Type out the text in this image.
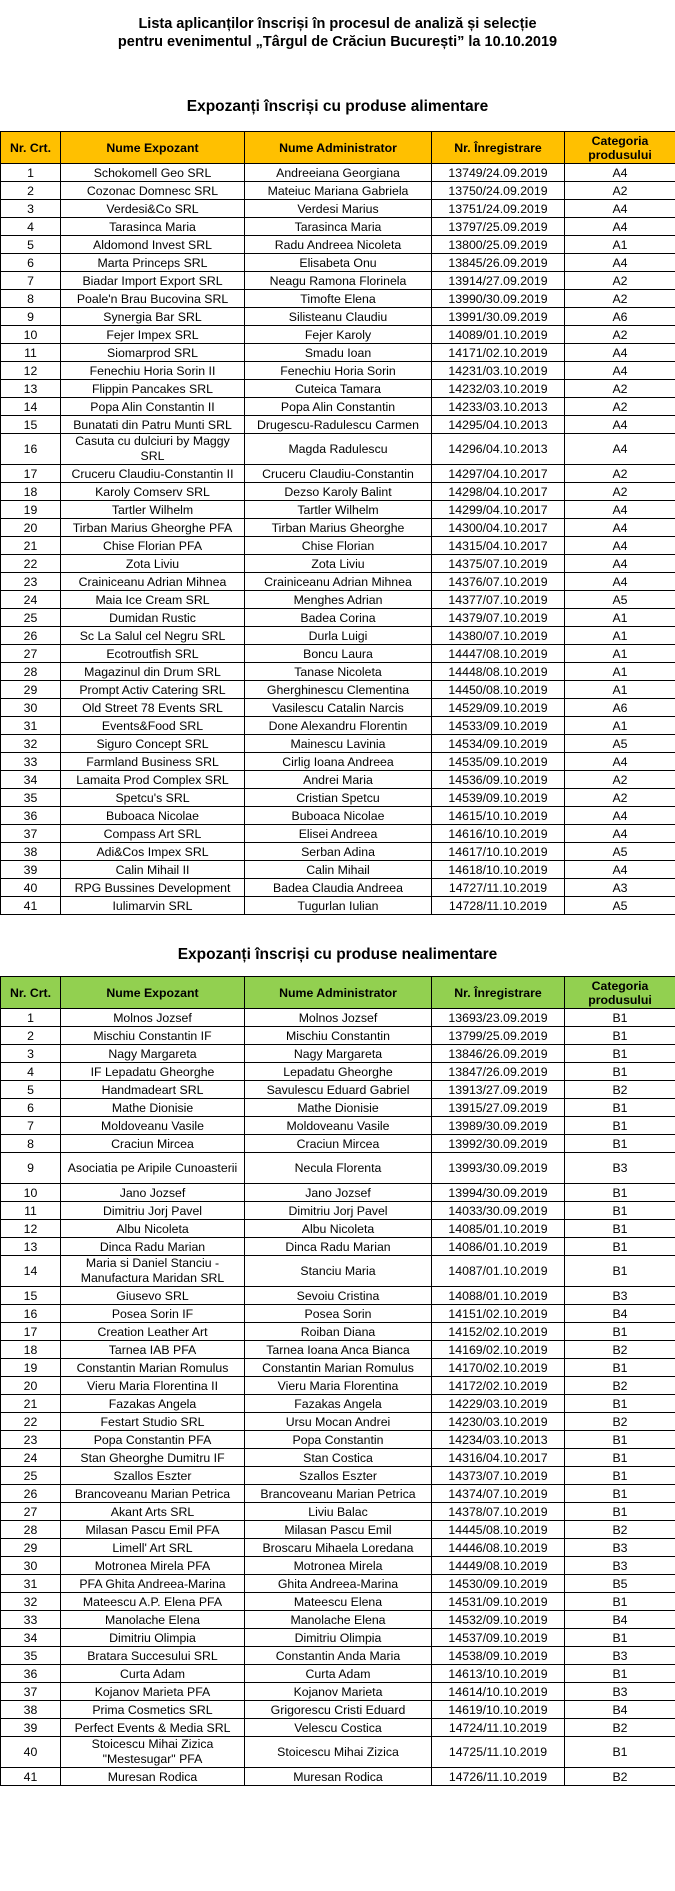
Lista aplicanților înscriși în procesul de analiză și selecție
pentru evenimentul „Târgul de Crăciun București” la 10.10.2019
Expozanți înscriși cu produse alimentare
Nr. Crt.	Nume Expozant	Nume Administrator	Nr. Înregistrare	Categoria produsului
1	Schokomell Geo SRL	Andreeiana Georgiana	13749/24.09.2019	A4
2	Cozonac Domnesc SRL	Mateiuc Mariana Gabriela	13750/24.09.2019	A2
3	Verdesi&Co SRL	Verdesi Marius	13751/24.09.2019	A4
4	Tarasinca Maria	Tarasinca Maria	13797/25.09.2019	A4
5	Aldomond Invest SRL	Radu Andreea Nicoleta	13800/25.09.2019	A1
6	Marta Princeps SRL	Elisabeta Onu	13845/26.09.2019	A4
7	Biadar Import Export SRL	Neagu Ramona Florinela	13914/27.09.2019	A2
8	Poale'n Brau Bucovina SRL	Timofte Elena	13990/30.09.2019	A2
9	Synergia Bar SRL	Silisteanu Claudiu	13991/30.09.2019	A6
10	Fejer Impex SRL	Fejer Karoly	14089/01.10.2019	A2
11	Siomarprod SRL	Smadu Ioan	14171/02.10.2019	A4
12	Fenechiu Horia Sorin II	Fenechiu Horia Sorin	14231/03.10.2019	A4
13	Flippin Pancakes SRL	Cuteica Tamara	14232/03.10.2019	A2
14	Popa Alin Constantin II	Popa Alin Constantin	14233/03.10.2013	A2
15	Bunatati din Patru Munti SRL	Drugescu-Radulescu Carmen	14295/04.10.2013	A4
16	Casuta cu dulciuri by Maggy SRL	Magda Radulescu	14296/04.10.2013	A4
17	Cruceru Claudiu-Constantin II	Cruceru Claudiu-Constantin	14297/04.10.2017	A2
18	Karoly Comserv SRL	Dezso Karoly Balint	14298/04.10.2017	A2
19	Tartler Wilhelm	Tartler Wilhelm	14299/04.10.2017	A4
20	Tirban Marius Gheorghe PFA	Tirban Marius Gheorghe	14300/04.10.2017	A4
21	Chise Florian PFA	Chise Florian	14315/04.10.2017	A4
22	Zota Liviu	Zota Liviu	14375/07.10.2019	A4
23	Crainiceanu Adrian Mihnea	Crainiceanu Adrian Mihnea	14376/07.10.2019	A4
24	Maia Ice Cream SRL	Menghes Adrian	14377/07.10.2019	A5
25	Dumidan Rustic	Badea Corina	14379/07.10.2019	A1
26	Sc La Salul cel Negru SRL	Durla Luigi	14380/07.10.2019	A1
27	Ecotroutfish SRL	Boncu Laura	14447/08.10.2019	A1
28	Magazinul din Drum SRL	Tanase Nicoleta	14448/08.10.2019	A1
29	Prompt Activ Catering SRL	Gherghinescu Clementina	14450/08.10.2019	A1
30	Old Street 78 Events SRL	Vasilescu Catalin Narcis	14529/09.10.2019	A6
31	Events&Food SRL	Done Alexandru Florentin	14533/09.10.2019	A1
32	Siguro Concept SRL	Mainescu Lavinia	14534/09.10.2019	A5
33	Farmland Business SRL	Cirlig Ioana Andreea	14535/09.10.2019	A4
34	Lamaita Prod Complex SRL	Andrei Maria	14536/09.10.2019	A2
35	Spetcu's SRL	Cristian Spetcu	14539/09.10.2019	A2
36	Buboaca Nicolae	Buboaca Nicolae	14615/10.10.2019	A4
37	Compass Art SRL	Elisei Andreea	14616/10.10.2019	A4
38	Adi&Cos Impex SRL	Serban Adina	14617/10.10.2019	A5
39	Calin Mihail II	Calin Mihail	14618/10.10.2019	A4
40	RPG Bussines Development	Badea Claudia Andreea	14727/11.10.2019	A3
41	Iulimarvin SRL	Tugurlan Iulian	14728/11.10.2019	A5
Expozanți înscriși cu produse nealimentare
Nr. Crt.	Nume Expozant	Nume Administrator	Nr. Înregistrare	Categoria produsului
1	Molnos Jozsef	Molnos Jozsef	13693/23.09.2019	B1
2	Mischiu Constantin IF	Mischiu Constantin	13799/25.09.2019	B1
3	Nagy Margareta	Nagy Margareta	13846/26.09.2019	B1
4	IF Lepadatu Gheorghe	Lepadatu Gheorghe	13847/26.09.2019	B1
5	Handmadeart SRL	Savulescu Eduard Gabriel	13913/27.09.2019	B2
6	Mathe Dionisie	Mathe Dionisie	13915/27.09.2019	B1
7	Moldoveanu Vasile	Moldoveanu Vasile	13989/30.09.2019	B1
8	Craciun Mircea	Craciun Mircea	13992/30.09.2019	B1
9	Asociatia pe Aripile Cunoasterii	Necula Florenta	13993/30.09.2019	B3
10	Jano Jozsef	Jano Jozsef	13994/30.09.2019	B1
11	Dimitriu Jorj Pavel	Dimitriu Jorj Pavel	14033/30.09.2019	B1
12	Albu Nicoleta	Albu Nicoleta	14085/01.10.2019	B1
13	Dinca Radu Marian	Dinca Radu Marian	14086/01.10.2019	B1
14	Maria si Daniel Stanciu - Manufactura Maridan SRL	Stanciu Maria	14087/01.10.2019	B1
15	Giusevo SRL	Sevoiu Cristina	14088/01.10.2019	B3
16	Posea Sorin IF	Posea Sorin	14151/02.10.2019	B4
17	Creation Leather Art	Roiban Diana	14152/02.10.2019	B1
18	Tarnea IAB PFA	Tarnea Ioana Anca Bianca	14169/02.10.2019	B2
19	Constantin Marian Romulus	Constantin Marian Romulus	14170/02.10.2019	B1
20	Vieru Maria Florentina II	Vieru Maria Florentina	14172/02.10.2019	B2
21	Fazakas Angela	Fazakas Angela	14229/03.10.2019	B1
22	Festart Studio SRL	Ursu Mocan Andrei	14230/03.10.2019	B2
23	Popa Constantin PFA	Popa Constantin	14234/03.10.2013	B1
24	Stan Gheorghe Dumitru IF	Stan Costica	14316/04.10.2017	B1
25	Szallos Eszter	Szallos Eszter	14373/07.10.2019	B1
26	Brancoveanu Marian Petrica	Brancoveanu Marian Petrica	14374/07.10.2019	B1
27	Akant Arts SRL	Liviu Balac	14378/07.10.2019	B1
28	Milasan Pascu Emil PFA	Milasan Pascu Emil	14445/08.10.2019	B2
29	Limell' Art SRL	Broscaru Mihaela Loredana	14446/08.10.2019	B3
30	Motronea Mirela PFA	Motronea Mirela	14449/08.10.2019	B3
31	PFA Ghita Andreea-Marina	Ghita Andreea-Marina	14530/09.10.2019	B5
32	Mateescu A.P. Elena PFA	Mateescu Elena	14531/09.10.2019	B1
33	Manolache Elena	Manolache Elena	14532/09.10.2019	B4
34	Dimitriu Olimpia	Dimitriu Olimpia	14537/09.10.2019	B1
35	Bratara Succesului SRL	Constantin Anda Maria	14538/09.10.2019	B3
36	Curta Adam	Curta Adam	14613/10.10.2019	B1
37	Kojanov Marieta PFA	Kojanov Marieta	14614/10.10.2019	B3
38	Prima Cosmetics SRL	Grigorescu Cristi Eduard	14619/10.10.2019	B4
39	Perfect Events & Media SRL	Velescu Costica	14724/11.10.2019	B2
40	Stoicescu Mihai Zizica "Mestesugar" PFA	Stoicescu Mihai Zizica	14725/11.10.2019	B1
41	Muresan Rodica	Muresan Rodica	14726/11.10.2019	B2
